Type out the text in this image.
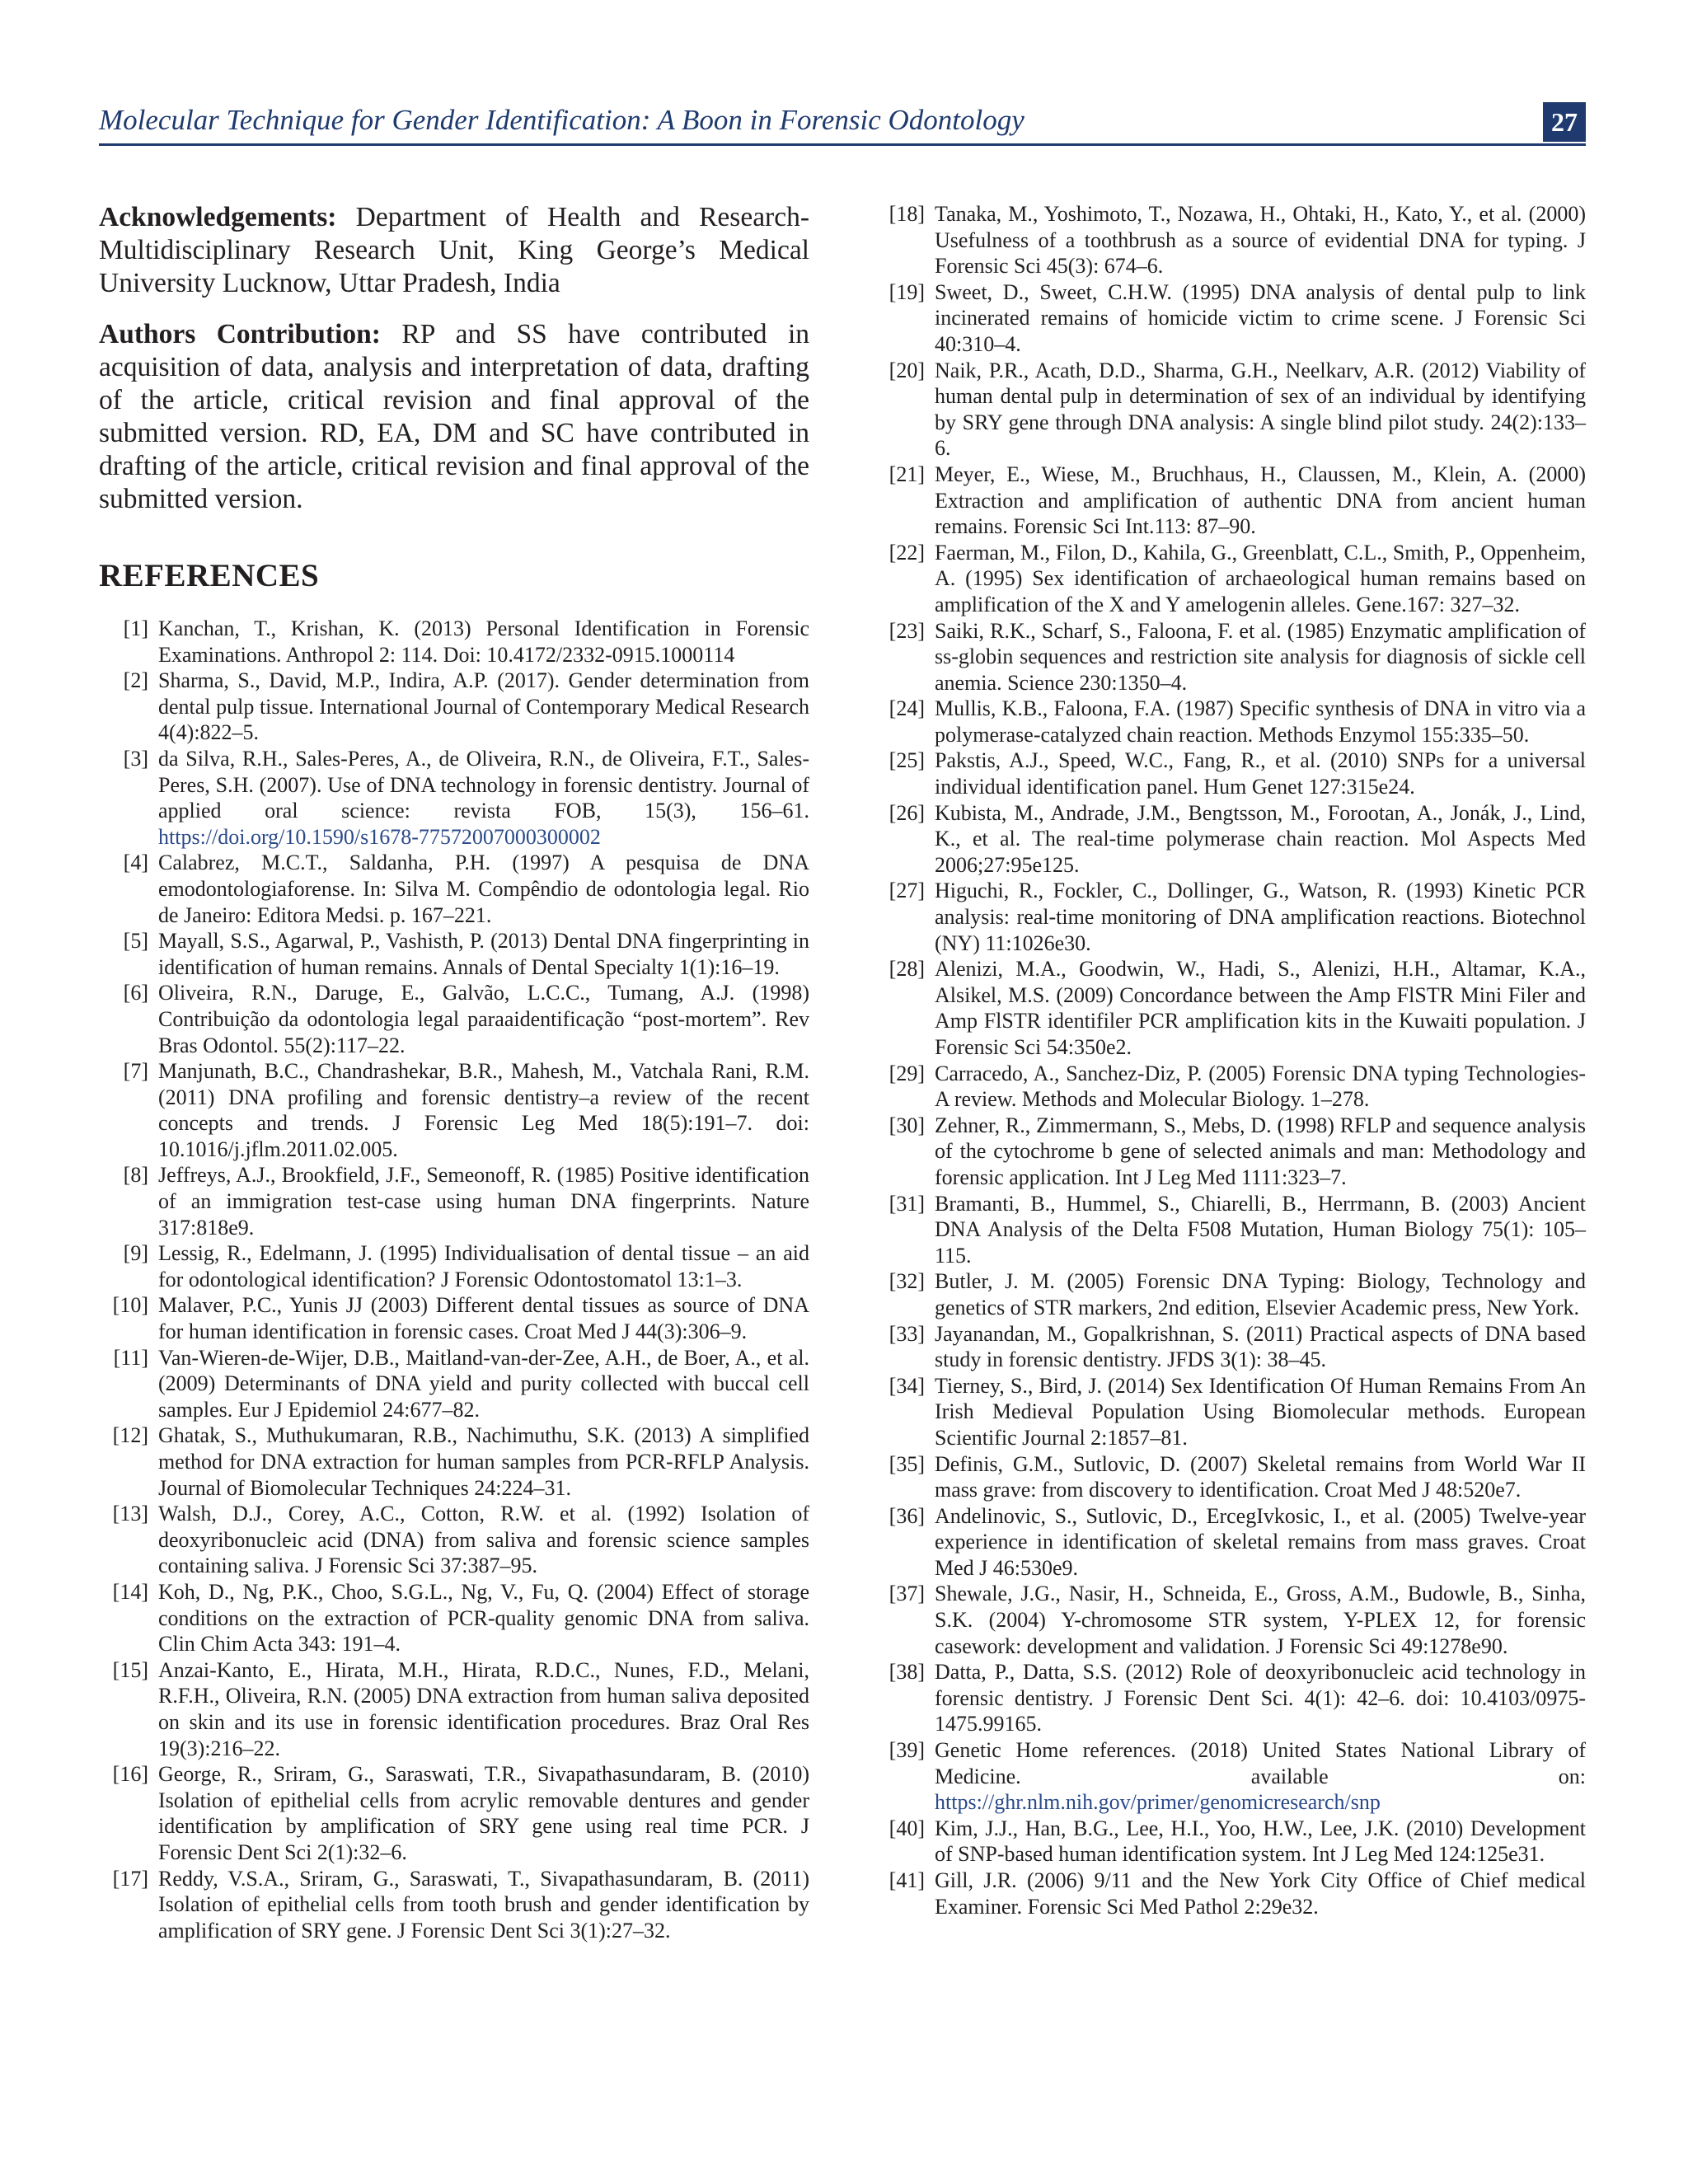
Molecular Technique for Gender Identification: A Boon in Forensic Odontology	27

Acknowledgements: Department of Health and Research-Multidisciplinary Research Unit, King George’s Medical University Lucknow, Uttar Pradesh, India

Authors Contribution: RP and SS have contributed in acquisition of data, analysis and interpretation of data, drafting of the article, critical revision and final approval of the submitted version. RD, EA, DM and SC have contributed in drafting of the article, critical revision and final approval of the submitted version.

REFERENCES
[1] Kanchan, T., Krishan, K. (2013) Personal Identification in Forensic Examinations. Anthropol 2: 114. Doi: 10.4172/2332-0915.1000114
[2] Sharma, S., David, M.P., Indira, A.P. (2017). Gender determination from dental pulp tissue. International Journal of Contemporary Medical Research 4(4):822–5.
[3] da Silva, R.H., Sales-Peres, A., de Oliveira, R.N., de Oliveira, F.T., Sales-Peres, S.H. (2007). Use of DNA technology in forensic dentistry. Journal of applied oral science: revista FOB, 15(3), 156–61. https://doi.org/10.1590/s1678-77572007000300002
[4] Calabrez, M.C.T., Saldanha, P.H. (1997) A pesquisa de DNA emodontologiaforense. In: Silva M. Compêndio de odontologia legal. Rio de Janeiro: Editora Medsi. p. 167–221.
[5] Mayall, S.S., Agarwal, P., Vashisth, P. (2013) Dental DNA fingerprinting in identification of human remains. Annals of Dental Specialty 1(1):16–19.
[6] Oliveira, R.N., Daruge, E., Galvão, L.C.C., Tumang, A.J. (1998) Contribuição da odontologia legal paraaidentificação “post-mortem”. Rev Bras Odontol. 55(2):117–22.
[7] Manjunath, B.C., Chandrashekar, B.R., Mahesh, M., Vatchala Rani, R.M. (2011) DNA profiling and forensic dentistry–a review of the recent concepts and trends. J Forensic Leg Med 18(5):191–7. doi: 10.1016/j.jflm.2011.02.005.
[8] Jeffreys, A.J., Brookfield, J.F., Semeonoff, R. (1985) Positive identification of an immigration test-case using human DNA fingerprints. Nature 317:818e9.
[9] Lessig, R., Edelmann, J. (1995) Individualisation of dental tissue – an aid for odontological identification? J Forensic Odontostomatol 13:1–3.
[10] Malaver, P.C., Yunis JJ (2003) Different dental tissues as source of DNA for human identification in forensic cases. Croat Med J 44(3):306–9.
[11] Van-Wieren-de-Wijer, D.B., Maitland-van-der-Zee, A.H., de Boer, A., et al. (2009) Determinants of DNA yield and purity collected with buccal cell samples. Eur J Epidemiol 24:677–82.
[12] Ghatak, S., Muthukumaran, R.B., Nachimuthu, S.K. (2013) A simplified method for DNA extraction for human samples from PCR-RFLP Analysis. Journal of Biomolecular Techniques 24:224–31.
[13] Walsh, D.J., Corey, A.C., Cotton, R.W. et al. (1992) Isolation of deoxyribonucleic acid (DNA) from saliva and forensic science samples containing saliva. J Forensic Sci 37:387–95.
[14] Koh, D., Ng, P.K., Choo, S.G.L., Ng, V., Fu, Q. (2004) Effect of storage conditions on the extraction of PCR-quality genomic DNA from saliva. Clin Chim Acta 343: 191–4.
[15] Anzai-Kanto, E., Hirata, M.H., Hirata, R.D.C., Nunes, F.D., Melani, R.F.H., Oliveira, R.N. (2005) DNA extraction from human saliva deposited on skin and its use in forensic identification procedures. Braz Oral Res 19(3):216–22.
[16] George, R., Sriram, G., Saraswati, T.R., Sivapathasundaram, B. (2010) Isolation of epithelial cells from acrylic removable dentures and gender identification by amplification of SRY gene using real time PCR. J Forensic Dent Sci 2(1):32–6.
[17] Reddy, V.S.A., Sriram, G., Saraswati, T., Sivapathasundaram, B. (2011) Isolation of epithelial cells from tooth brush and gender identification by amplification of SRY gene. J Forensic Dent Sci 3(1):27–32.
[18] Tanaka, M., Yoshimoto, T., Nozawa, H., Ohtaki, H., Kato, Y., et al. (2000) Usefulness of a toothbrush as a source of evidential DNA for typing. J Forensic Sci 45(3): 674–6.
[19] Sweet, D., Sweet, C.H.W. (1995) DNA analysis of dental pulp to link incinerated remains of homicide victim to crime scene. J Forensic Sci 40:310–4.
[20] Naik, P.R., Acath, D.D., Sharma, G.H., Neelkarv, A.R. (2012) Viability of human dental pulp in determination of sex of an individual by identifying by SRY gene through DNA analysis: A single blind pilot study. 24(2):133–6.
[21] Meyer, E., Wiese, M., Bruchhaus, H., Claussen, M., Klein, A. (2000) Extraction and amplification of authentic DNA from ancient human remains. Forensic Sci Int.113: 87–90.
[22] Faerman, M., Filon, D., Kahila, G., Greenblatt, C.L., Smith, P., Oppenheim, A. (1995) Sex identification of archaeological human remains based on amplification of the X and Y amelogenin alleles. Gene.167: 327–32.
[23] Saiki, R.K., Scharf, S., Faloona, F. et al. (1985) Enzymatic amplification of ss-globin sequences and restriction site analysis for diagnosis of sickle cell anemia. Science 230:1350–4.
[24] Mullis, K.B., Faloona, F.A. (1987) Specific synthesis of DNA in vitro via a polymerase-catalyzed chain reaction. Methods Enzymol 155:335–50.
[25] Pakstis, A.J., Speed, W.C., Fang, R., et al. (2010) SNPs for a universal individual identification panel. Hum Genet 127:315e24.
[26] Kubista, M., Andrade, J.M., Bengtsson, M., Forootan, A., Jonák, J., Lind, K., et al. The real-time polymerase chain reaction. Mol Aspects Med 2006;27:95e125.
[27] Higuchi, R., Fockler, C., Dollinger, G., Watson, R. (1993) Kinetic PCR analysis: real-time monitoring of DNA amplification reactions. Biotechnol (NY) 11:1026e30.
[28] Alenizi, M.A., Goodwin, W., Hadi, S., Alenizi, H.H., Altamar, K.A., Alsikel, M.S. (2009) Concordance between the Amp FlSTR Mini Filer and Amp FlSTR identifiler PCR amplification kits in the Kuwaiti population. J Forensic Sci 54:350e2.
[29] Carracedo, A., Sanchez-Diz, P. (2005) Forensic DNA typing Technologies-A review. Methods and Molecular Biology. 1–278.
[30] Zehner, R., Zimmermann, S., Mebs, D. (1998) RFLP and sequence analysis of the cytochrome b gene of selected animals and man: Methodology and forensic application. Int J Leg Med 1111:323–7.
[31] Bramanti, B., Hummel, S., Chiarelli, B., Herrmann, B. (2003) Ancient DNA Analysis of the Delta F508 Mutation, Human Biology 75(1): 105–115.
[32] Butler, J. M. (2005) Forensic DNA Typing: Biology, Technology and genetics of STR markers, 2nd edition, Elsevier Academic press, New York.
[33] Jayanandan, M., Gopalkrishnan, S. (2011) Practical aspects of DNA based study in forensic dentistry. JFDS 3(1): 38–45.
[34] Tierney, S., Bird, J. (2014) Sex Identification Of Human Remains From An Irish Medieval Population Using Biomolecular methods. European Scientific Journal 2:1857–81.
[35] Definis, G.M., Sutlovic, D. (2007) Skeletal remains from World War II mass grave: from discovery to identification. Croat Med J 48:520e7.
[36] Andelinovic, S., Sutlovic, D., ErcegIvkosic, I., et al. (2005) Twelve-year experience in identification of skeletal remains from mass graves. Croat Med J 46:530e9.
[37] Shewale, J.G., Nasir, H., Schneida, E., Gross, A.M., Budowle, B., Sinha, S.K. (2004) Y-chromosome STR system, Y-PLEX 12, for forensic casework: development and validation. J Forensic Sci 49:1278e90.
[38] Datta, P., Datta, S.S. (2012) Role of deoxyribonucleic acid technology in forensic dentistry. J Forensic Dent Sci. 4(1): 42–6. doi: 10.4103/0975-1475.99165.
[39] Genetic Home references. (2018) United States National Library of Medicine. available on: https://ghr.nlm.nih.gov/primer/genomicresearch/snp
[40] Kim, J.J., Han, B.G., Lee, H.I., Yoo, H.W., Lee, J.K. (2010) Development of SNP-based human identification system. Int J Leg Med 124:125e31.
[41] Gill, J.R. (2006) 9/11 and the New York City Office of Chief medical Examiner. Forensic Sci Med Pathol 2:29e32.
